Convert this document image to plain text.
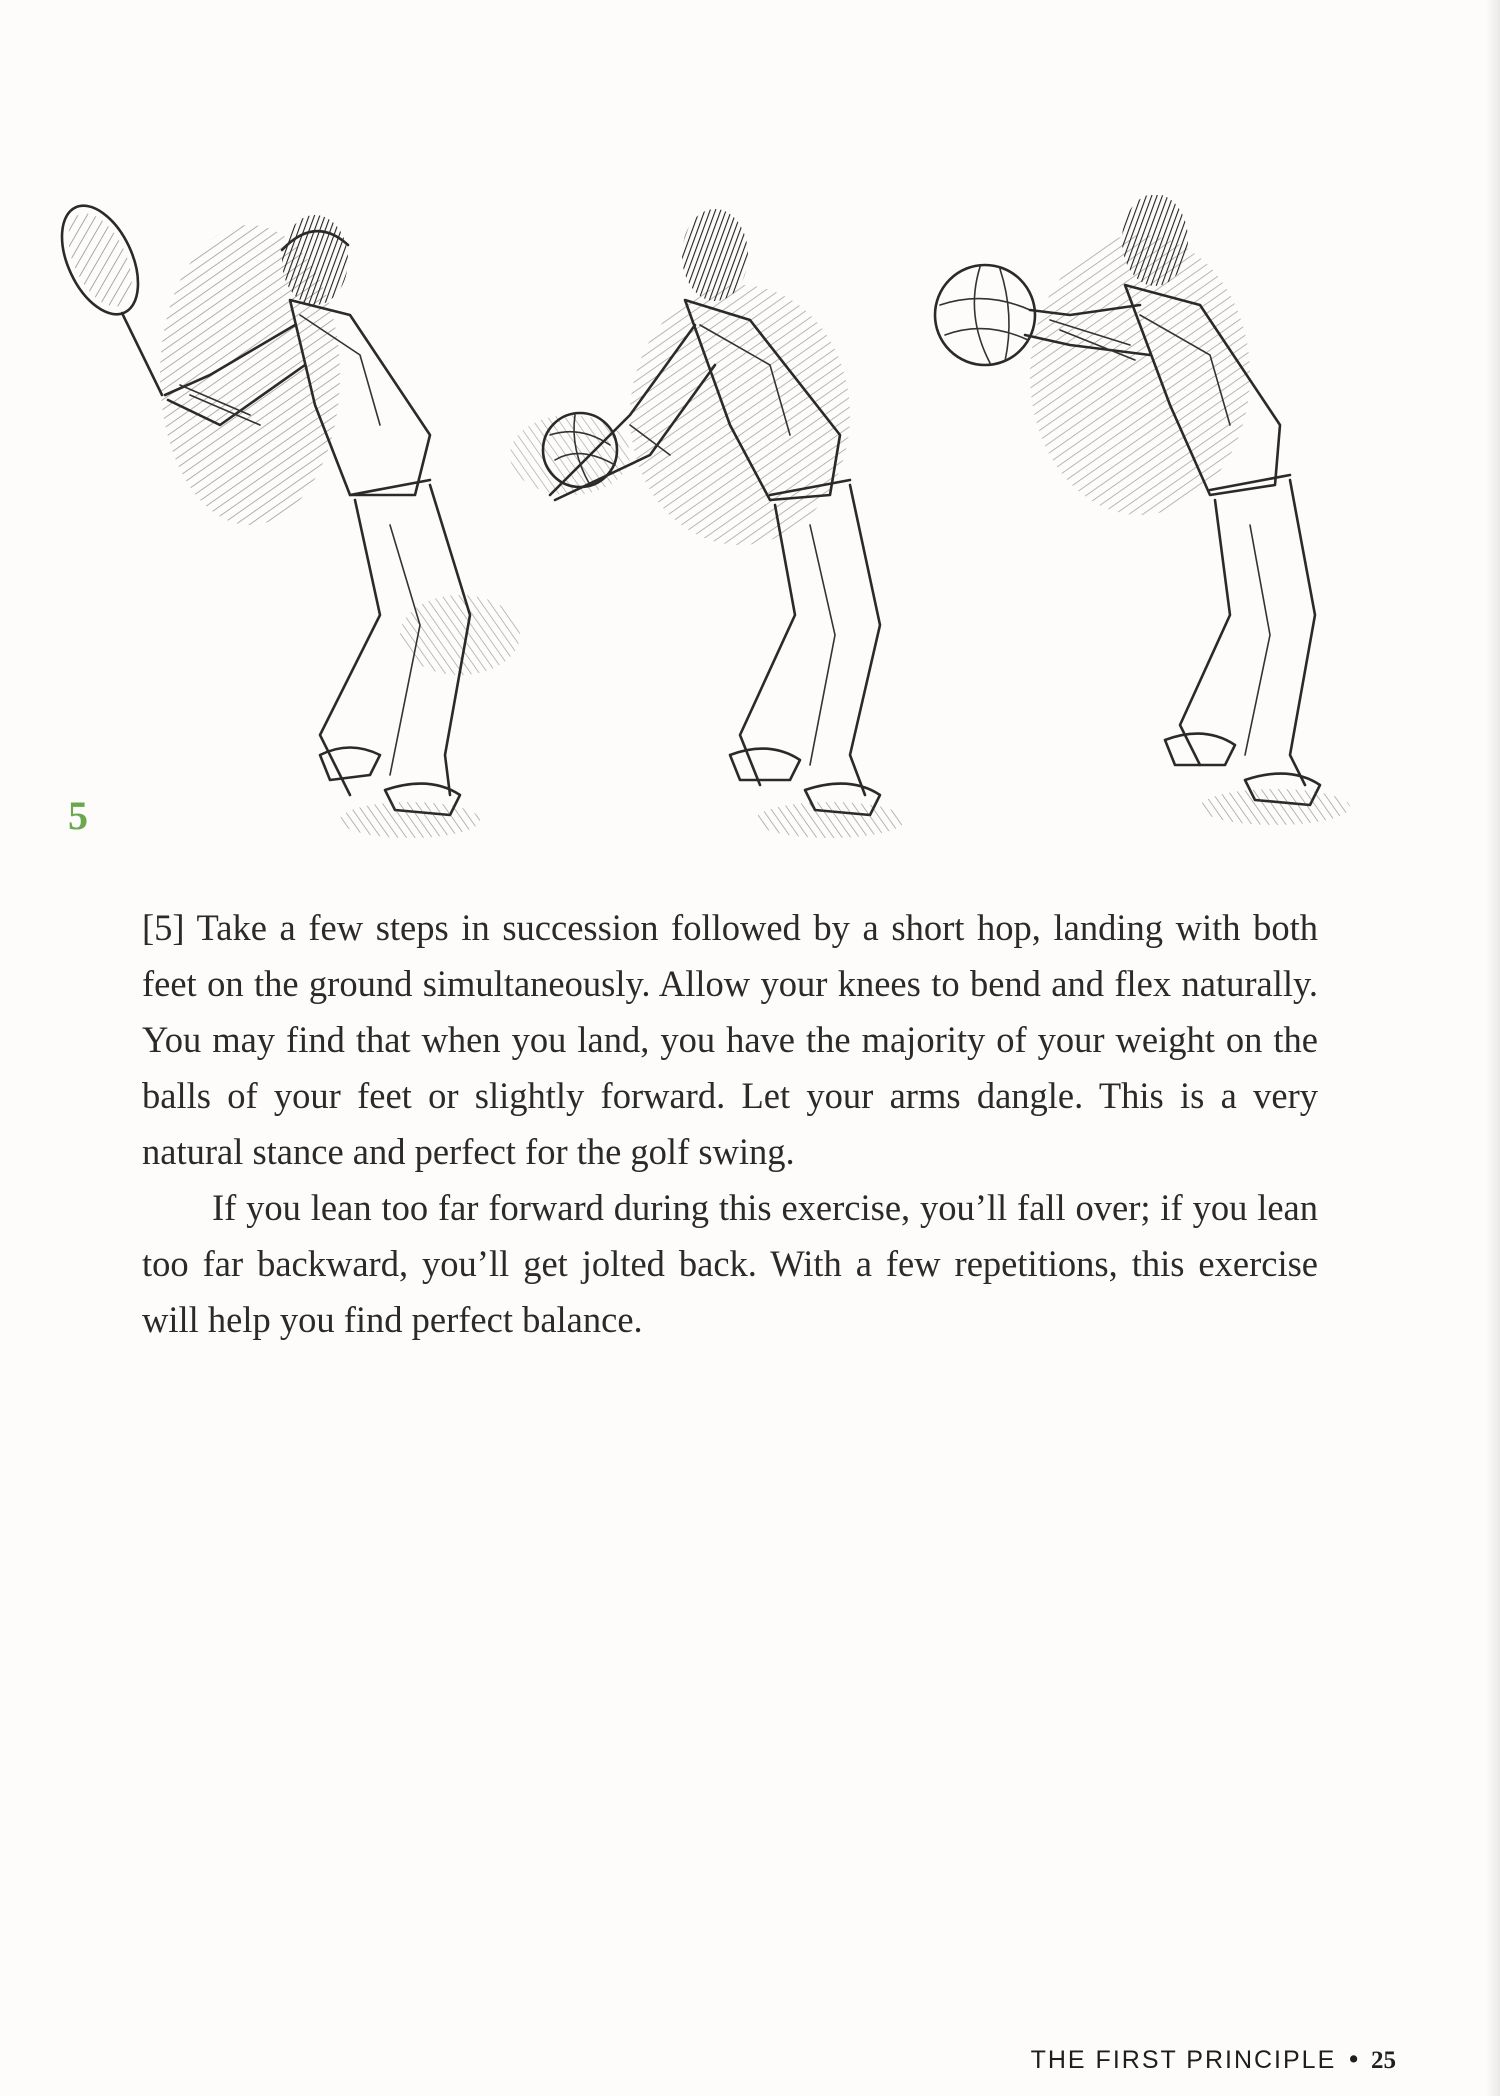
5

[5] Take a few steps in succession followed by a short hop, landing with both feet on the ground simultaneously. Allow your knees to bend and flex naturally. You may find that when you land, you have the majority of your weight on the balls of your feet or slightly forward. Let your arms dangle. This is a very natural stance and perfect for the golf swing.

If you lean too far forward during this exercise, you’ll fall over; if you lean too far backward, you’ll get jolted back. With a few repetitions, this exercise will help you find perfect balance.

THE FIRST PRINCIPLE • 25
